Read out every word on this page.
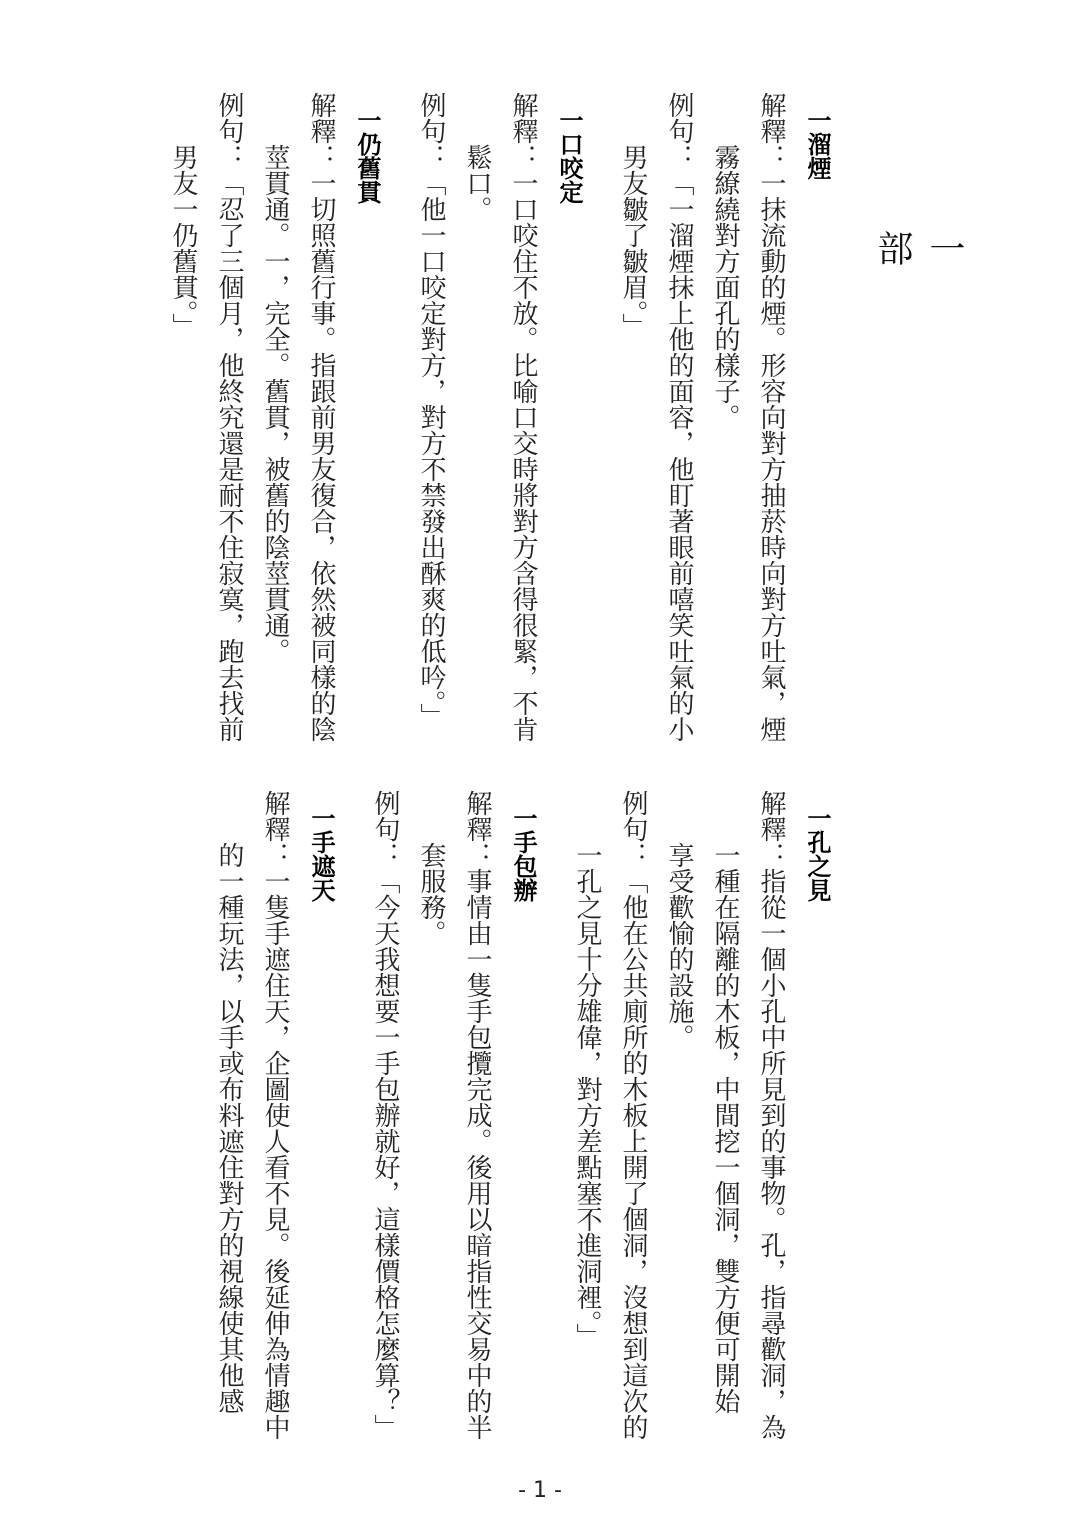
一 部
一溜煙
解釋：一抹流動的煙。形容向對方抽菸時向對方吐氣，煙
霧繚繞對方面孔的樣子。
例句：「一溜煙抹上他的面容，他盯著眼前嘻笑吐氣的小
男友皺了皺眉。」
一口咬定
解釋：一口咬住不放。比喻口交時將對方含得很緊，不肯
鬆口。
例句：「他一口咬定對方，對方不禁發出酥爽的低吟。」
一仍舊貫
解釋：一切照舊行事。指跟前男友復合，依然被同樣的陰
莖貫通。一，完全。舊貫，被舊的陰莖貫通。
例句：「忍了三個月，他終究還是耐不住寂寞，跑去找前
男友一仍舊貫。」
一孔之見
解釋：指從一個小孔中所見到的事物。孔，指尋歡洞，為
一種在隔離的木板，中間挖一個洞，雙方便可開始
享受歡愉的設施。
例句：「他在公共廁所的木板上開了個洞，沒想到這次的
一孔之見十分雄偉，對方差點塞不進洞裡。」
一手包辦
解釋：事情由一隻手包攬完成。後用以暗指性交易中的半
套服務。
例句：「今天我想要一手包辦就好，這樣價格怎麼算？」
一手遮天
解釋：一隻手遮住天，企圖使人看不見。後延伸為情趣中
的一種玩法，以手或布料遮住對方的視線使其他感
- 1 -
